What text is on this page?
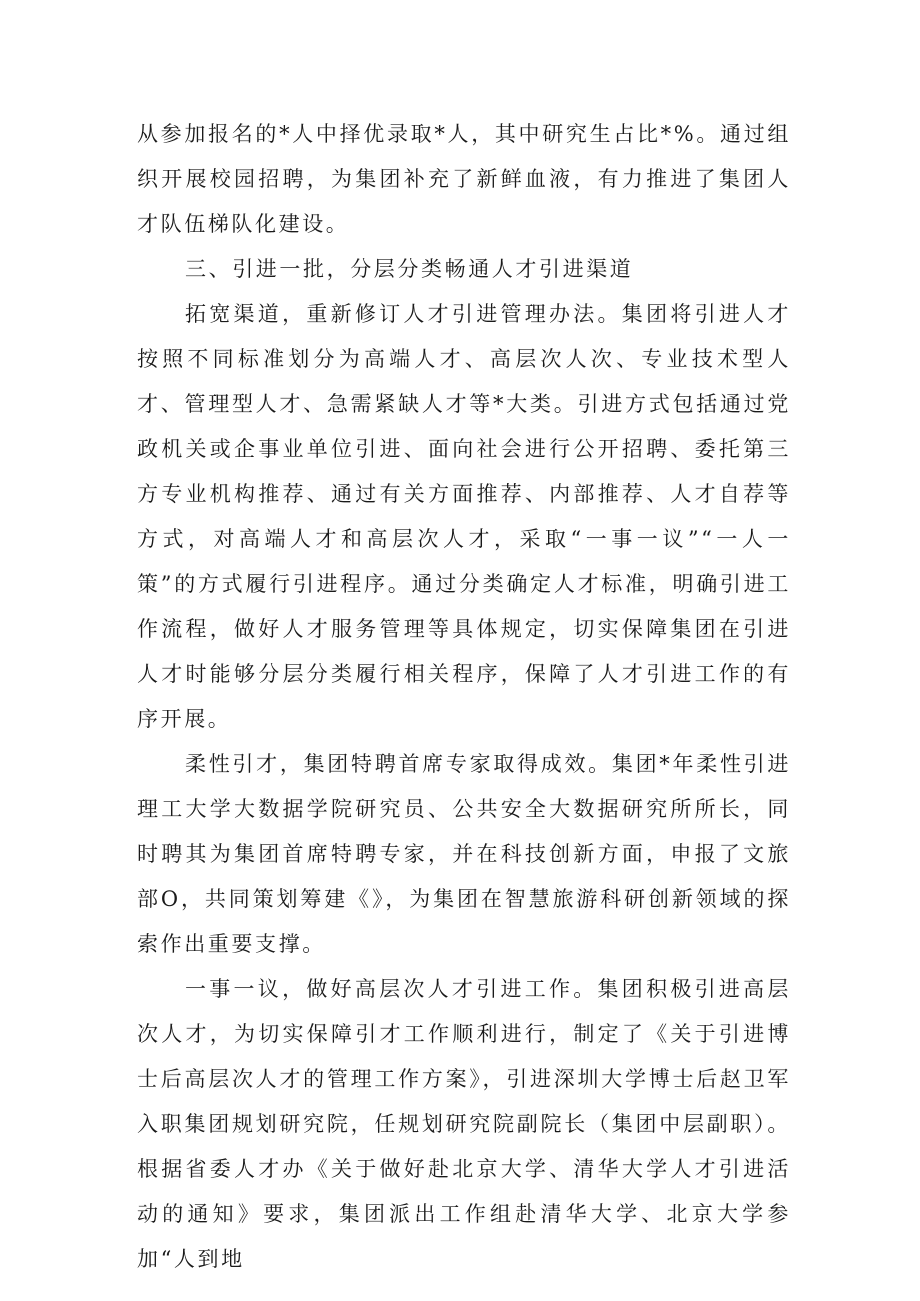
从参加报名的*人中择优录取*人，其中研究生占比*%。通过组织开展校园招聘，为集团补充了新鲜血液，有力推进了集团人才队伍梯队化建设。

三、引进一批，分层分类畅通人才引进渠道

拓宽渠道，重新修订人才引进管理办法。集团将引进人才按照不同标准划分为高端人才、高层次人次、专业技术型人才、管理型人才、急需紧缺人才等*大类。引进方式包括通过党政机关或企事业单位引进、面向社会进行公开招聘、委托第三方专业机构推荐、通过有关方面推荐、内部推荐、人才自荐等方式，对高端人才和高层次人才，采取“一事一议”“一人一策”的方式履行引进程序。通过分类确定人才标准，明确引进工作流程，做好人才服务管理等具体规定，切实保障集团在引进人才时能够分层分类履行相关程序，保障了人才引进工作的有序开展。

柔性引才，集团特聘首席专家取得成效。集团*年柔性引进理工大学大数据学院研究员、公共安全大数据研究所所长，同时聘其为集团首席特聘专家，并在科技创新方面，申报了文旅部O，共同策划筹建《》，为集团在智慧旅游科研创新领域的探索作出重要支撑。

一事一议，做好高层次人才引进工作。集团积极引进高层次人才，为切实保障引才工作顺利进行，制定了《关于引进博士后高层次人才的管理工作方案》，引进深圳大学博士后赵卫军入职集团规划研究院，任规划研究院副院长（集团中层副职）。根据省委人才办《关于做好赴北京大学、清华大学人才引进活动的通知》要求，集团派出工作组赴清华大学、北京大学参加“人到地
